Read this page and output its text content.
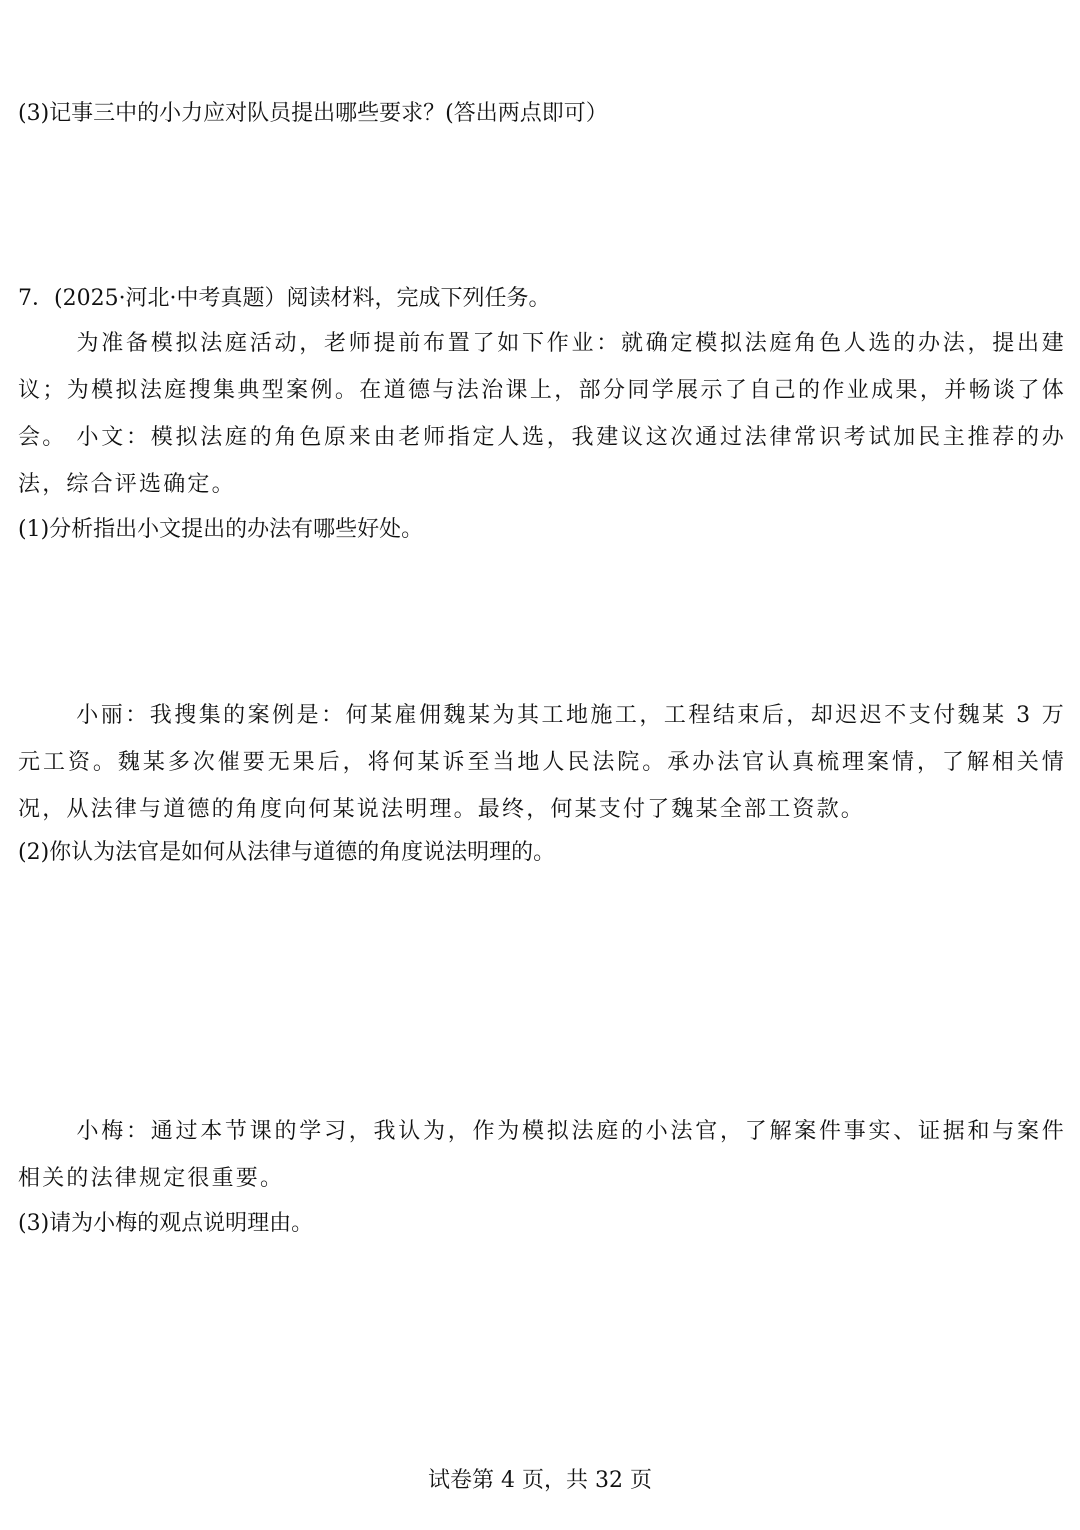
(3)记事三中的小力应对队员提出哪些要求？(答出两点即可）
7．(2025·河北·中考真题）阅读材料，完成下列任务。
为准备模拟法庭活动，老师提前布置了如下作业：就确定模拟法庭角色人选的办法，提出建议；为模拟法庭搜集典型案例。在道德与法治课上，部分同学展示了自己的作业成果，并畅谈了体会。 小文：模拟法庭的角色原来由老师指定人选，我建议这次通过法律常识考试加民主推荐的办法，综合评选确定。
(1)分析指出小文提出的办法有哪些好处。
小丽：我搜集的案例是：何某雇佣魏某为其工地施工，工程结束后，却迟迟不支付魏某 3 万元工资。魏某多次催要无果后，将何某诉至当地人民法院。承办法官认真梳理案情，了解相关情况，从法律与道德的角度向何某说法明理。最终，何某支付了魏某全部工资款。
(2)你认为法官是如何从法律与道德的角度说法明理的。
小梅：通过本节课的学习，我认为，作为模拟法庭的小法官，了解案件事实、证据和与案件相关的法律规定很重要。
(3)请为小梅的观点说明理由。
试卷第 4 页，共 32 页
